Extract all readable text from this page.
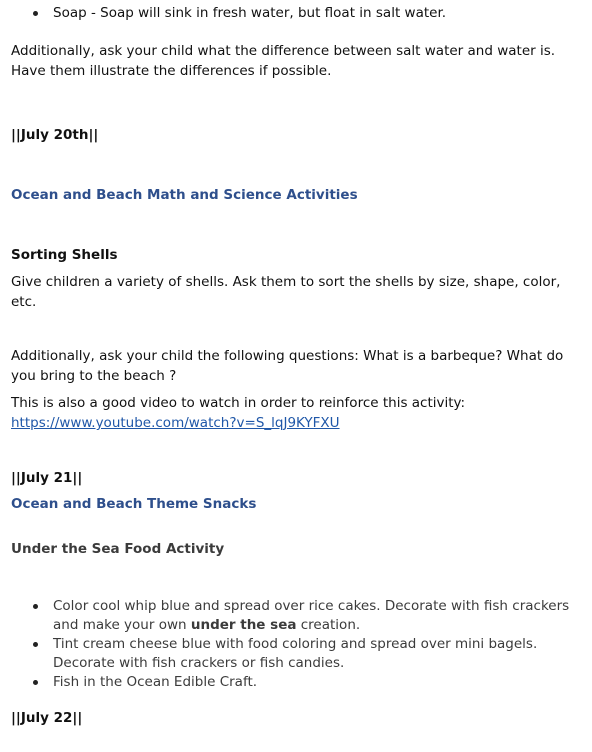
Soap - Soap will sink in fresh water, but float in salt water.
Additionally, ask your child what the difference between salt water and water is. Have them illustrate the differences if possible.
||July 20th||
Ocean and Beach Math and Science Activities
Sorting Shells
Give children a variety of shells. Ask them to sort the shells by size, shape, color, etc.
Additionally, ask your child the following questions: What is a barbeque? What do you bring to the beach ?
This is also a good video to watch in order to reinforce this activity:
https://www.youtube.com/watch?v=S_lqJ9KYFXU
||July 21||
Ocean and Beach Theme Snacks
Under the Sea Food Activity
Color cool whip blue and spread over rice cakes. Decorate with fish crackers and make your own under the sea creation.
Tint cream cheese blue with food coloring and spread over mini bagels. Decorate with fish crackers or fish candies.
Fish in the Ocean Edible Craft.
||July 22||
